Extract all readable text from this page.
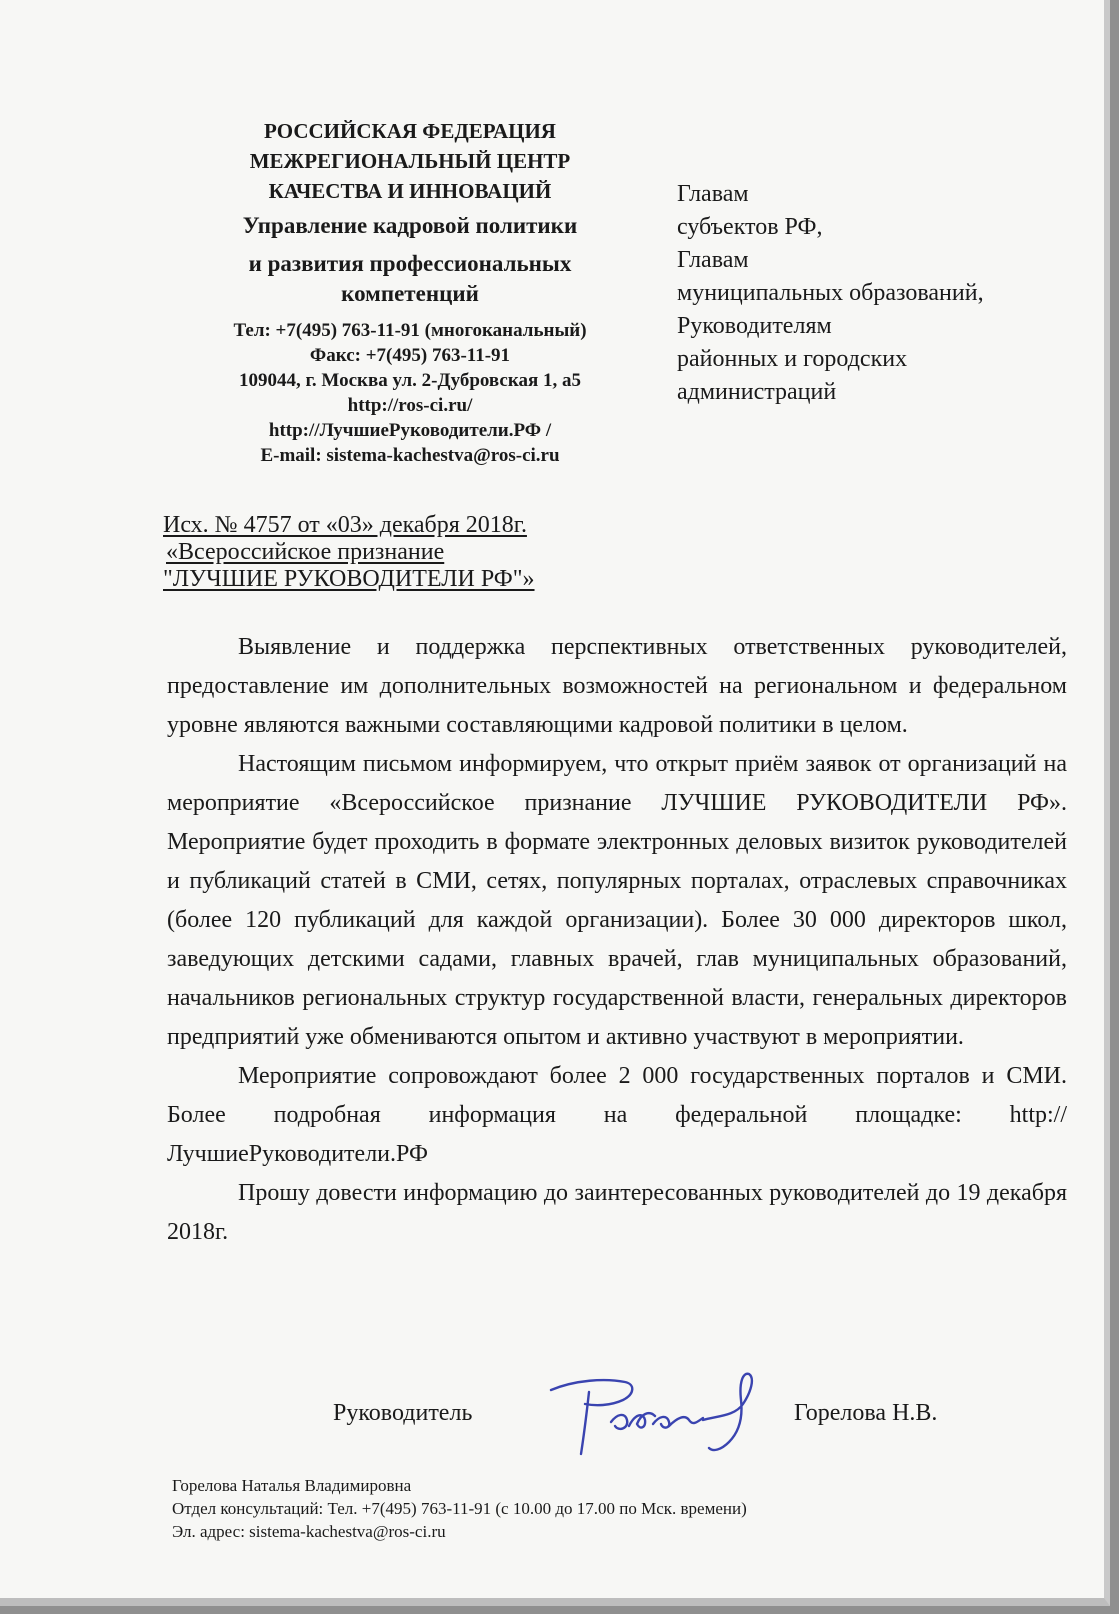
РОССИЙСКАЯ ФЕДЕРАЦИЯ
МЕЖРЕГИОНАЛЬНЫЙ ЦЕНТР
КАЧЕСТВА И ИННОВАЦИЙ
Управление кадровой политики
и развития профессиональных
компетенций
Тел: +7(495) 763-11-91 (многоканальный)
Факс: +7(495) 763-11-91
109044, г. Москва ул. 2-Дубровская 1, а5
http://ros-ci.ru/
http://ЛучшиеРуководители.РФ /
E-mail: sistema-kachestva@ros-ci.ru
Главам
субъектов РФ,
Главам
муниципальных образований,
Руководителям
районных и городских
администраций
Исх. № 4757 от «03» декабря 2018г.
«Всероссийское признание
"ЛУЧШИЕ РУКОВОДИТЕЛИ РФ"»

Выявление и поддержка перспективных ответственных руководителей, предоставление им дополнительных возможностей на региональном и федеральном уровне являются важными составляющими кадровой политики в целом.

Настоящим письмом информируем, что открыт приём заявок от организаций на мероприятие «Всероссийское признание ЛУЧШИЕ РУКОВОДИТЕЛИ РФ». Мероприятие будет проходить в формате электронных деловых визиток руководителей и публикаций статей в СМИ, сетях, популярных порталах, отраслевых справочниках (более 120 публикаций для каждой организации). Более 30 000 директоров школ, заведующих детскими садами, главных врачей, глав муниципальных образований, начальников региональных структур государственной власти, генеральных директоров предприятий уже обмениваются опытом и активно участвуют в мероприятии.

Мероприятие сопровождают более 2 000 государственных порталов и СМИ. Более подробная информация на федеральной площадке: http://ЛучшиеРуководители.РФ

Прошу довести информацию до заинтересованных руководителей до 19 декабря 2018г.

Руководитель	Горелова Н.В.
Горелова Наталья Владимировна
Отдел консультаций: Тел. +7(495) 763-11-91 (с 10.00 до 17.00 по Мск. времени)
Эл. адрес: sistema-kachestva@ros-ci.ru
